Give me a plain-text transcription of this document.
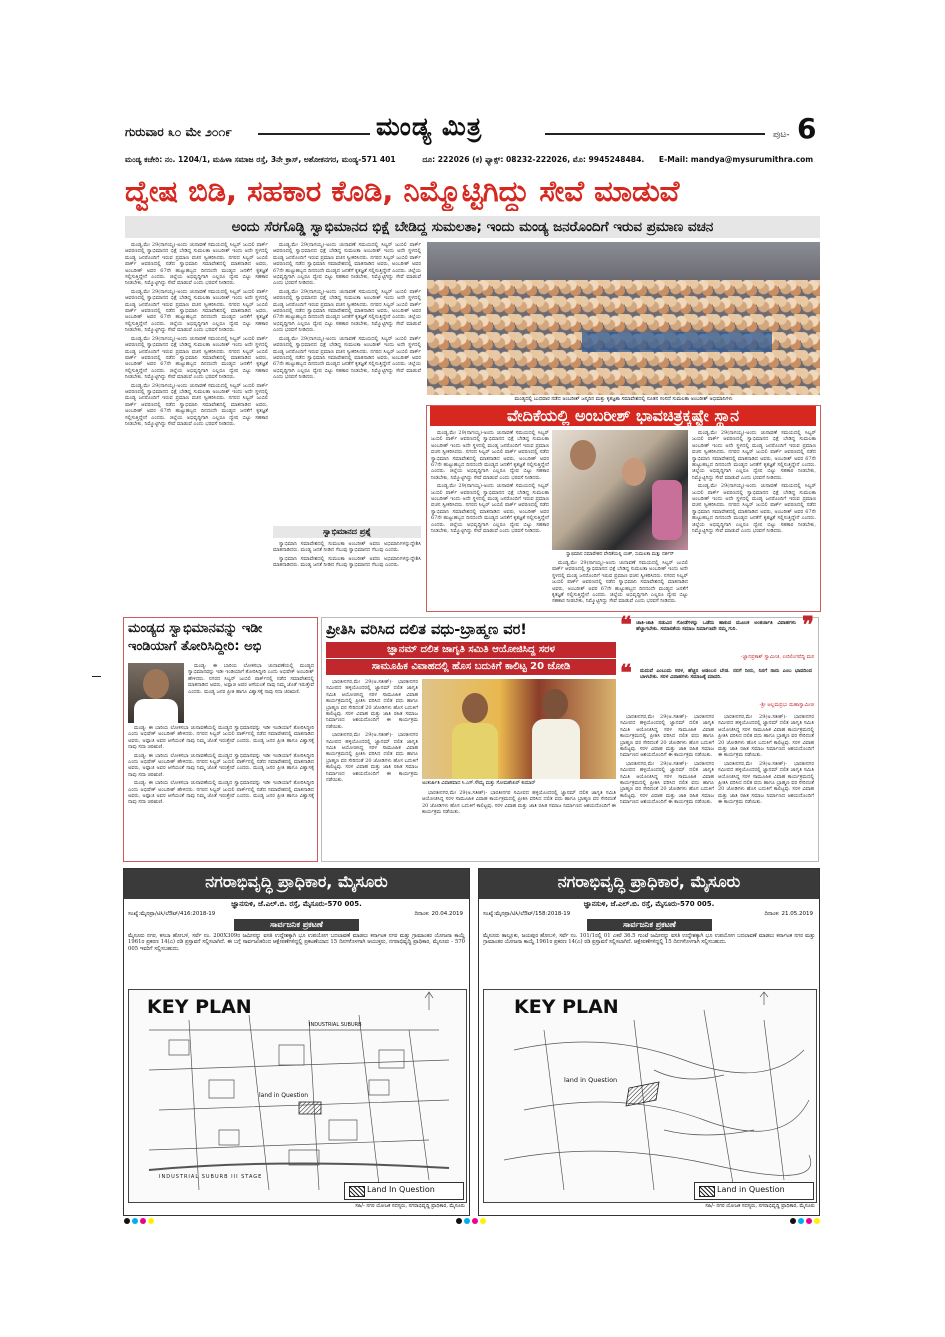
ಗುರುವಾರ ೩೦ ಮೇ ೨೦೧೯	ಮಂಡ್ಯ ಮಿತ್ರ	ಪುಟ- 6
ಮಂಡ್ಯ ಕಚೇರಿ: ನಂ. 1204/1, ಮಹಿಳಾ ಸಮಾಜ ರಸ್ತೆ, 3ನೇ ಕ್ರಾಸ್, ಅಶೋಕನಗರ, ಮಂಡ್ಯ-571 401	ದೂ: 222026 (ಕ) ಫ್ಯಾಕ್ಸ್: 08232-222026, ಮೊ: 9945248484. E-Mail: mandya@mysurumithra.com
ದ್ವೇಷ ಬಿಡಿ, ಸಹಕಾರ ಕೊಡಿ, ನಿಮ್ಮೊಟ್ಟಿಗಿದ್ದು ಸೇವೆ ಮಾಡುವೆ
ಅಂದು ಸೆರಗೊಡ್ಡಿ ಸ್ವಾಭಿಮಾನದ ಭಿಕ್ಷೆ ಬೇಡಿದ್ದ ಸುಮಲತಾ; ಇಂದು ಮಂಡ್ಯ ಜನರೊಂದಿಗೆ ಇರುವ ಪ್ರಮಾಣ ವಚನ

ಮಂಡ್ಯ,ಮೇ 29(ನಾಗಯ್ಯ)-ಅಂದು ಚುನಾವಣೆ ಸಮಯದಲ್ಲಿ ಸಿಲ್ವರ್ ಜುಬಿಲಿ ಪಾರ್ಕ್ ಆವರಣದಲ್ಲಿ ಸ್ವಾಭಿಮಾನದ ಭಿಕ್ಷೆ ಬೇಡಿದ್ದ ಸುಮಲತಾ ಅಂಬರೀಶ್ ಇಂದು ಅದೇ ಸ್ಥಳದಲ್ಲಿ ಮಂಡ್ಯ ಜನರೊಂದಿಗೆ ಇರುವ ಪ್ರಮಾಣ ವಚನ ಸ್ವೀಕರಿಸಿದರು. ನಗರದ ಸಿಲ್ವರ್ ಜುಬಿಲಿ ಪಾರ್ಕ್ ಆವರಣದಲ್ಲಿ ನಡೆದ ಸ್ವಾಭಿಮಾನಿ ಸಮಾವೇಶದಲ್ಲಿ ಮಾತನಾಡಿದ ಅವರು, ಅಂಬರೀಶ್ ಅವರ 67ನೇ ಹುಟ್ಟುಹಬ್ಬದ ದಿನದಂದೇ ಮಂಡ್ಯದ ಜನತೆಗೆ ಕೃತಜ್ಞತೆ ಸಲ್ಲಿಸುತ್ತಿದ್ದೇನೆ ಎಂದರು. ಜಿಲ್ಲೆಯ ಅಭಿವೃದ್ಧಿಗಾಗಿ ಎಲ್ಲರೂ ದ್ವೇಷ ಬಿಟ್ಟು ಸಹಕಾರ ನೀಡಬೇಕು, ನಿಮ್ಮೊಟ್ಟಿಗಿದ್ದು ಸೇವೆ ಮಾಡುವೆ ಎಂದು ಭರವಸೆ ನೀಡಿದರು.

ಮಂಡ್ಯ,ಮೇ 29(ನಾಗಯ್ಯ)-ಅಂದು ಚುನಾವಣೆ ಸಮಯದಲ್ಲಿ ಸಿಲ್ವರ್ ಜುಬಿಲಿ ಪಾರ್ಕ್ ಆವರಣದಲ್ಲಿ ಸ್ವಾಭಿಮಾನದ ಭಿಕ್ಷೆ ಬೇಡಿದ್ದ ಸುಮಲತಾ ಅಂಬರೀಶ್ ಇಂದು ಅದೇ ಸ್ಥಳದಲ್ಲಿ ಮಂಡ್ಯ ಜನರೊಂದಿಗೆ ಇರುವ ಪ್ರಮಾಣ ವಚನ ಸ್ವೀಕರಿಸಿದರು. ನಗರದ ಸಿಲ್ವರ್ ಜುಬಿಲಿ ಪಾರ್ಕ್ ಆವರಣದಲ್ಲಿ ನಡೆದ ಸ್ವಾಭಿಮಾನಿ ಸಮಾವೇಶದಲ್ಲಿ ಮಾತನಾಡಿದ ಅವರು, ಅಂಬರೀಶ್ ಅವರ 67ನೇ ಹುಟ್ಟುಹಬ್ಬದ ದಿನದಂದೇ ಮಂಡ್ಯದ ಜನತೆಗೆ ಕೃತಜ್ಞತೆ ಸಲ್ಲಿಸುತ್ತಿದ್ದೇನೆ ಎಂದರು. ಜಿಲ್ಲೆಯ ಅಭಿವೃದ್ಧಿಗಾಗಿ ಎಲ್ಲರೂ ದ್ವೇಷ ಬಿಟ್ಟು ಸಹಕಾರ ನೀಡಬೇಕು, ನಿಮ್ಮೊಟ್ಟಿಗಿದ್ದು ಸೇವೆ ಮಾಡುವೆ ಎಂದು ಭರವಸೆ ನೀಡಿದರು.

ಮಂಡ್ಯ,ಮೇ 29(ನಾಗಯ್ಯ)-ಅಂದು ಚುನಾವಣೆ ಸಮಯದಲ್ಲಿ ಸಿಲ್ವರ್ ಜುಬಿಲಿ ಪಾರ್ಕ್ ಆವರಣದಲ್ಲಿ ಸ್ವಾಭಿಮಾನದ ಭಿಕ್ಷೆ ಬೇಡಿದ್ದ ಸುಮಲತಾ ಅಂಬರೀಶ್ ಇಂದು ಅದೇ ಸ್ಥಳದಲ್ಲಿ ಮಂಡ್ಯ ಜನರೊಂದಿಗೆ ಇರುವ ಪ್ರಮಾಣ ವಚನ ಸ್ವೀಕರಿಸಿದರು. ನಗರದ ಸಿಲ್ವರ್ ಜುಬಿಲಿ ಪಾರ್ಕ್ ಆವರಣದಲ್ಲಿ ನಡೆದ ಸ್ವಾಭಿಮಾನಿ ಸಮಾವೇಶದಲ್ಲಿ ಮಾತನಾಡಿದ ಅವರು, ಅಂಬರೀಶ್ ಅವರ 67ನೇ ಹುಟ್ಟುಹಬ್ಬದ ದಿನದಂದೇ ಮಂಡ್ಯದ ಜನತೆಗೆ ಕೃತಜ್ಞತೆ ಸಲ್ಲಿಸುತ್ತಿದ್ದೇನೆ ಎಂದರು. ಜಿಲ್ಲೆಯ ಅಭಿವೃದ್ಧಿಗಾಗಿ ಎಲ್ಲರೂ ದ್ವೇಷ ಬಿಟ್ಟು ಸಹಕಾರ ನೀಡಬೇಕು, ನಿಮ್ಮೊಟ್ಟಿಗಿದ್ದು ಸೇವೆ ಮಾಡುವೆ ಎಂದು ಭರವಸೆ ನೀಡಿದರು.

ಮಂಡ್ಯ,ಮೇ 29(ನಾಗಯ್ಯ)-ಅಂದು ಚುನಾವಣೆ ಸಮಯದಲ್ಲಿ ಸಿಲ್ವರ್ ಜುಬಿಲಿ ಪಾರ್ಕ್ ಆವರಣದಲ್ಲಿ ಸ್ವಾಭಿಮಾನದ ಭಿಕ್ಷೆ ಬೇಡಿದ್ದ ಸುಮಲತಾ ಅಂಬರೀಶ್ ಇಂದು ಅದೇ ಸ್ಥಳದಲ್ಲಿ ಮಂಡ್ಯ ಜನರೊಂದಿಗೆ ಇರುವ ಪ್ರಮಾಣ ವಚನ ಸ್ವೀಕರಿಸಿದರು. ನಗರದ ಸಿಲ್ವರ್ ಜುಬಿಲಿ ಪಾರ್ಕ್ ಆವರಣದಲ್ಲಿ ನಡೆದ ಸ್ವಾಭಿಮಾನಿ ಸಮಾವೇಶದಲ್ಲಿ ಮಾತನಾಡಿದ ಅವರು, ಅಂಬರೀಶ್ ಅವರ 67ನೇ ಹುಟ್ಟುಹಬ್ಬದ ದಿನದಂದೇ ಮಂಡ್ಯದ ಜನತೆಗೆ ಕೃತಜ್ಞತೆ ಸಲ್ಲಿಸುತ್ತಿದ್ದೇನೆ ಎಂದರು. ಜಿಲ್ಲೆಯ ಅಭಿವೃದ್ಧಿಗಾಗಿ ಎಲ್ಲರೂ ದ್ವೇಷ ಬಿಟ್ಟು ಸಹಕಾರ ನೀಡಬೇಕು, ನಿಮ್ಮೊಟ್ಟಿಗಿದ್ದು ಸೇವೆ ಮಾಡುವೆ ಎಂದು ಭರವಸೆ ನೀಡಿದರು.

ಮಂಡ್ಯ,ಮೇ 29(ನಾಗಯ್ಯ)-ಅಂದು ಚುನಾವಣೆ ಸಮಯದಲ್ಲಿ ಸಿಲ್ವರ್ ಜುಬಿಲಿ ಪಾರ್ಕ್ ಆವರಣದಲ್ಲಿ ಸ್ವಾಭಿಮಾನದ ಭಿಕ್ಷೆ ಬೇಡಿದ್ದ ಸುಮಲತಾ ಅಂಬರೀಶ್ ಇಂದು ಅದೇ ಸ್ಥಳದಲ್ಲಿ ಮಂಡ್ಯ ಜನರೊಂದಿಗೆ ಇರುವ ಪ್ರಮಾಣ ವಚನ ಸ್ವೀಕರಿಸಿದರು. ನಗರದ ಸಿಲ್ವರ್ ಜುಬಿಲಿ ಪಾರ್ಕ್ ಆವರಣದಲ್ಲಿ ನಡೆದ ಸ್ವಾಭಿಮಾನಿ ಸಮಾವೇಶದಲ್ಲಿ ಮಾತನಾಡಿದ ಅವರು, ಅಂಬರೀಶ್ ಅವರ 67ನೇ ಹುಟ್ಟುಹಬ್ಬದ ದಿನದಂದೇ ಮಂಡ್ಯದ ಜನತೆಗೆ ಕೃತಜ್ಞತೆ ಸಲ್ಲಿಸುತ್ತಿದ್ದೇನೆ ಎಂದರು. ಜಿಲ್ಲೆಯ ಅಭಿವೃದ್ಧಿಗಾಗಿ ಎಲ್ಲರೂ ದ್ವೇಷ ಬಿಟ್ಟು ಸಹಕಾರ ನೀಡಬೇಕು, ನಿಮ್ಮೊಟ್ಟಿಗಿದ್ದು ಸೇವೆ ಮಾಡುವೆ ಎಂದು ಭರವಸೆ ನೀಡಿದರು.

ಮಂಡ್ಯ,ಮೇ 29(ನಾಗಯ್ಯ)-ಅಂದು ಚುನಾವಣೆ ಸಮಯದಲ್ಲಿ ಸಿಲ್ವರ್ ಜುಬಿಲಿ ಪಾರ್ಕ್ ಆವರಣದಲ್ಲಿ ಸ್ವಾಭಿಮಾನದ ಭಿಕ್ಷೆ ಬೇಡಿದ್ದ ಸುಮಲತಾ ಅಂಬರೀಶ್ ಇಂದು ಅದೇ ಸ್ಥಳದಲ್ಲಿ ಮಂಡ್ಯ ಜನರೊಂದಿಗೆ ಇರುವ ಪ್ರಮಾಣ ವಚನ ಸ್ವೀಕರಿಸಿದರು. ನಗರದ ಸಿಲ್ವರ್ ಜುಬಿಲಿ ಪಾರ್ಕ್ ಆವರಣದಲ್ಲಿ ನಡೆದ ಸ್ವಾಭಿಮಾನಿ ಸಮಾವೇಶದಲ್ಲಿ ಮಾತನಾಡಿದ ಅವರು, ಅಂಬರೀಶ್ ಅವರ 67ನೇ ಹುಟ್ಟುಹಬ್ಬದ ದಿನದಂದೇ ಮಂಡ್ಯದ ಜನತೆಗೆ ಕೃತಜ್ಞತೆ ಸಲ್ಲಿಸುತ್ತಿದ್ದೇನೆ ಎಂದರು. ಜಿಲ್ಲೆಯ ಅಭಿವೃದ್ಧಿಗಾಗಿ ಎಲ್ಲರೂ ದ್ವೇಷ ಬಿಟ್ಟು ಸಹಕಾರ ನೀಡಬೇಕು, ನಿಮ್ಮೊಟ್ಟಿಗಿದ್ದು ಸೇವೆ ಮಾಡುವೆ ಎಂದು ಭರವಸೆ ನೀಡಿದರು.

ಮಂಡ್ಯ,ಮೇ 29(ನಾಗಯ್ಯ)-ಅಂದು ಚುನಾವಣೆ ಸಮಯದಲ್ಲಿ ಸಿಲ್ವರ್ ಜುಬಿಲಿ ಪಾರ್ಕ್ ಆವರಣದಲ್ಲಿ ಸ್ವಾಭಿಮಾನದ ಭಿಕ್ಷೆ ಬೇಡಿದ್ದ ಸುಮಲತಾ ಅಂಬರೀಶ್ ಇಂದು ಅದೇ ಸ್ಥಳದಲ್ಲಿ ಮಂಡ್ಯ ಜನರೊಂದಿಗೆ ಇರುವ ಪ್ರಮಾಣ ವಚನ ಸ್ವೀಕರಿಸಿದರು. ನಗರದ ಸಿಲ್ವರ್ ಜುಬಿಲಿ ಪಾರ್ಕ್ ಆವರಣದಲ್ಲಿ ನಡೆದ ಸ್ವಾಭಿಮಾನಿ ಸಮಾವೇಶದಲ್ಲಿ ಮಾತನಾಡಿದ ಅವರು, ಅಂಬರೀಶ್ ಅವರ 67ನೇ ಹುಟ್ಟುಹಬ್ಬದ ದಿನದಂದೇ ಮಂಡ್ಯದ ಜನತೆಗೆ ಕೃತಜ್ಞತೆ ಸಲ್ಲಿಸುತ್ತಿದ್ದೇನೆ ಎಂದರು. ಜಿಲ್ಲೆಯ ಅಭಿವೃದ್ಧಿಗಾಗಿ ಎಲ್ಲರೂ ದ್ವೇಷ ಬಿಟ್ಟು ಸಹಕಾರ ನೀಡಬೇಕು, ನಿಮ್ಮೊಟ್ಟಿಗಿದ್ದು ಸೇವೆ ಮಾಡುವೆ ಎಂದು ಭರವಸೆ ನೀಡಿದರು.

ಮಂಡ್ಯದಲ್ಲಿ ಬುಧವಾರ ನಡೆದ ಅಂಬರೀಶ್ ಜನ್ಮದಿನ ಮತ್ತು ಕೃತಜ್ಞತಾ ಸಮಾವೇಶದಲ್ಲಿ ನೂತನ ಸಂಸದೆ ಸುಮಲತಾ ಅಂಬರೀಶ್ ಅಭಿಮಾನಿಗಳು
ಸ್ವಾಭಿಮಾನದ ಪ್ರಶ್ನೆ

ಸ್ವಾಭಿಮಾನಿ ಸಮಾವೇಶದಲ್ಲಿ ಸುಮಲತಾ ಅಂಬರೀಶ್ ಅವರು ಅಭಿಮಾನಿಗಳನ್ನುದ್ದೇಶಿಸಿ ಮಾತನಾಡಿದರು. ಮಂಡ್ಯ ಜನತೆ ನೀಡಿದ ಗೆಲುವು ಸ್ವಾಭಿಮಾನದ ಗೆಲುವು ಎಂದರು.

ಸ್ವಾಭಿಮಾನಿ ಸಮಾವೇಶದಲ್ಲಿ ಸುಮಲತಾ ಅಂಬರೀಶ್ ಅವರು ಅಭಿಮಾನಿಗಳನ್ನುದ್ದೇಶಿಸಿ ಮಾತನಾಡಿದರು. ಮಂಡ್ಯ ಜನತೆ ನೀಡಿದ ಗೆಲುವು ಸ್ವಾಭಿಮಾನದ ಗೆಲುವು ಎಂದರು.

ವೇದಿಕೆಯಲ್ಲಿ ಅಂಬರೀಶ್ ಭಾವಚಿತ್ರಕ್ಕಷ್ಟೇ ಸ್ಥಾನ

ಮಂಡ್ಯ,ಮೇ 29(ನಾಗಯ್ಯ)-ಅಂದು ಚುನಾವಣೆ ಸಮಯದಲ್ಲಿ ಸಿಲ್ವರ್ ಜುಬಿಲಿ ಪಾರ್ಕ್ ಆವರಣದಲ್ಲಿ ಸ್ವಾಭಿಮಾನದ ಭಿಕ್ಷೆ ಬೇಡಿದ್ದ ಸುಮಲತಾ ಅಂಬರೀಶ್ ಇಂದು ಅದೇ ಸ್ಥಳದಲ್ಲಿ ಮಂಡ್ಯ ಜನರೊಂದಿಗೆ ಇರುವ ಪ್ರಮಾಣ ವಚನ ಸ್ವೀಕರಿಸಿದರು. ನಗರದ ಸಿಲ್ವರ್ ಜುಬಿಲಿ ಪಾರ್ಕ್ ಆವರಣದಲ್ಲಿ ನಡೆದ ಸ್ವಾಭಿಮಾನಿ ಸಮಾವೇಶದಲ್ಲಿ ಮಾತನಾಡಿದ ಅವರು, ಅಂಬರೀಶ್ ಅವರ 67ನೇ ಹುಟ್ಟುಹಬ್ಬದ ದಿನದಂದೇ ಮಂಡ್ಯದ ಜನತೆಗೆ ಕೃತಜ್ಞತೆ ಸಲ್ಲಿಸುತ್ತಿದ್ದೇನೆ ಎಂದರು. ಜಿಲ್ಲೆಯ ಅಭಿವೃದ್ಧಿಗಾಗಿ ಎಲ್ಲರೂ ದ್ವೇಷ ಬಿಟ್ಟು ಸಹಕಾರ ನೀಡಬೇಕು, ನಿಮ್ಮೊಟ್ಟಿಗಿದ್ದು ಸೇವೆ ಮಾಡುವೆ ಎಂದು ಭರವಸೆ ನೀಡಿದರು.

ಮಂಡ್ಯ,ಮೇ 29(ನಾಗಯ್ಯ)-ಅಂದು ಚುನಾವಣೆ ಸಮಯದಲ್ಲಿ ಸಿಲ್ವರ್ ಜುಬಿಲಿ ಪಾರ್ಕ್ ಆವರಣದಲ್ಲಿ ಸ್ವಾಭಿಮಾನದ ಭಿಕ್ಷೆ ಬೇಡಿದ್ದ ಸುಮಲತಾ ಅಂಬರೀಶ್ ಇಂದು ಅದೇ ಸ್ಥಳದಲ್ಲಿ ಮಂಡ್ಯ ಜನರೊಂದಿಗೆ ಇರುವ ಪ್ರಮಾಣ ವಚನ ಸ್ವೀಕರಿಸಿದರು. ನಗರದ ಸಿಲ್ವರ್ ಜುಬಿಲಿ ಪಾರ್ಕ್ ಆವರಣದಲ್ಲಿ ನಡೆದ ಸ್ವಾಭಿಮಾನಿ ಸಮಾವೇಶದಲ್ಲಿ ಮಾತನಾಡಿದ ಅವರು, ಅಂಬರೀಶ್ ಅವರ 67ನೇ ಹುಟ್ಟುಹಬ್ಬದ ದಿನದಂದೇ ಮಂಡ್ಯದ ಜನತೆಗೆ ಕೃತಜ್ಞತೆ ಸಲ್ಲಿಸುತ್ತಿದ್ದೇನೆ ಎಂದರು. ಜಿಲ್ಲೆಯ ಅಭಿವೃದ್ಧಿಗಾಗಿ ಎಲ್ಲರೂ ದ್ವೇಷ ಬಿಟ್ಟು ಸಹಕಾರ ನೀಡಬೇಕು, ನಿಮ್ಮೊಟ್ಟಿಗಿದ್ದು ಸೇವೆ ಮಾಡುವೆ ಎಂದು ಭರವಸೆ ನೀಡಿದರು.

ಮಂಡ್ಯ,ಮೇ 29(ನಾಗಯ್ಯ)-ಅಂದು ಚುನಾವಣೆ ಸಮಯದಲ್ಲಿ ಸಿಲ್ವರ್ ಜುಬಿಲಿ ಪಾರ್ಕ್ ಆವರಣದಲ್ಲಿ ಸ್ವಾಭಿಮಾನದ ಭಿಕ್ಷೆ ಬೇಡಿದ್ದ ಸುಮಲತಾ ಅಂಬರೀಶ್ ಇಂದು ಅದೇ ಸ್ಥಳದಲ್ಲಿ ಮಂಡ್ಯ ಜನರೊಂದಿಗೆ ಇರುವ ಪ್ರಮಾಣ ವಚನ ಸ್ವೀಕರಿಸಿದರು. ನಗರದ ಸಿಲ್ವರ್ ಜುಬಿಲಿ ಪಾರ್ಕ್ ಆವರಣದಲ್ಲಿ ನಡೆದ ಸ್ವಾಭಿಮಾನಿ ಸಮಾವೇಶದಲ್ಲಿ ಮಾತನಾಡಿದ ಅವರು, ಅಂಬರೀಶ್ ಅವರ 67ನೇ ಹುಟ್ಟುಹಬ್ಬದ ದಿನದಂದೇ ಮಂಡ್ಯದ ಜನತೆಗೆ ಕೃತಜ್ಞತೆ ಸಲ್ಲಿಸುತ್ತಿದ್ದೇನೆ ಎಂದರು. ಜಿಲ್ಲೆಯ ಅಭಿವೃದ್ಧಿಗಾಗಿ ಎಲ್ಲರೂ ದ್ವೇಷ ಬಿಟ್ಟು ಸಹಕಾರ ನೀಡಬೇಕು, ನಿಮ್ಮೊಟ್ಟಿಗಿದ್ದು ಸೇವೆ ಮಾಡುವೆ ಎಂದು ಭರವಸೆ ನೀಡಿದರು.

ಮಂಡ್ಯ,ಮೇ 29(ನಾಗಯ್ಯ)-ಅಂದು ಚುನಾವಣೆ ಸಮಯದಲ್ಲಿ ಸಿಲ್ವರ್ ಜುಬಿಲಿ ಪಾರ್ಕ್ ಆವರಣದಲ್ಲಿ ಸ್ವಾಭಿಮಾನದ ಭಿಕ್ಷೆ ಬೇಡಿದ್ದ ಸುಮಲತಾ ಅಂಬರೀಶ್ ಇಂದು ಅದೇ ಸ್ಥಳದಲ್ಲಿ ಮಂಡ್ಯ ಜನರೊಂದಿಗೆ ಇರುವ ಪ್ರಮಾಣ ವಚನ ಸ್ವೀಕರಿಸಿದರು. ನಗರದ ಸಿಲ್ವರ್ ಜುಬಿಲಿ ಪಾರ್ಕ್ ಆವರಣದಲ್ಲಿ ನಡೆದ ಸ್ವಾಭಿಮಾನಿ ಸಮಾವೇಶದಲ್ಲಿ ಮಾತನಾಡಿದ ಅವರು, ಅಂಬರೀಶ್ ಅವರ 67ನೇ ಹುಟ್ಟುಹಬ್ಬದ ದಿನದಂದೇ ಮಂಡ್ಯದ ಜನತೆಗೆ ಕೃತಜ್ಞತೆ ಸಲ್ಲಿಸುತ್ತಿದ್ದೇನೆ ಎಂದರು. ಜಿಲ್ಲೆಯ ಅಭಿವೃದ್ಧಿಗಾಗಿ ಎಲ್ಲರೂ ದ್ವೇಷ ಬಿಟ್ಟು ಸಹಕಾರ ನೀಡಬೇಕು, ನಿಮ್ಮೊಟ್ಟಿಗಿದ್ದು ಸೇವೆ ಮಾಡುವೆ ಎಂದು ಭರವಸೆ ನೀಡಿದರು.

ಸ್ವಾಭಿಮಾನ ಸಮಾವೇಶದ ವೇದಿಕೆಯಲ್ಲಿ ಯಶ್, ಸುಮಲತಾ ಮತ್ತು ದರ್ಶನ್

ಮಂಡ್ಯ,ಮೇ 29(ನಾಗಯ್ಯ)-ಅಂದು ಚುನಾವಣೆ ಸಮಯದಲ್ಲಿ ಸಿಲ್ವರ್ ಜುಬಿಲಿ ಪಾರ್ಕ್ ಆವರಣದಲ್ಲಿ ಸ್ವಾಭಿಮಾನದ ಭಿಕ್ಷೆ ಬೇಡಿದ್ದ ಸುಮಲತಾ ಅಂಬರೀಶ್ ಇಂದು ಅದೇ ಸ್ಥಳದಲ್ಲಿ ಮಂಡ್ಯ ಜನರೊಂದಿಗೆ ಇರುವ ಪ್ರಮಾಣ ವಚನ ಸ್ವೀಕರಿಸಿದರು. ನಗರದ ಸಿಲ್ವರ್ ಜುಬಿಲಿ ಪಾರ್ಕ್ ಆವರಣದಲ್ಲಿ ನಡೆದ ಸ್ವಾಭಿಮಾನಿ ಸಮಾವೇಶದಲ್ಲಿ ಮಾತನಾಡಿದ ಅವರು, ಅಂಬರೀಶ್ ಅವರ 67ನೇ ಹುಟ್ಟುಹಬ್ಬದ ದಿನದಂದೇ ಮಂಡ್ಯದ ಜನತೆಗೆ ಕೃತಜ್ಞತೆ ಸಲ್ಲಿಸುತ್ತಿದ್ದೇನೆ ಎಂದರು. ಜಿಲ್ಲೆಯ ಅಭಿವೃದ್ಧಿಗಾಗಿ ಎಲ್ಲರೂ ದ್ವೇಷ ಬಿಟ್ಟು ಸಹಕಾರ ನೀಡಬೇಕು, ನಿಮ್ಮೊಟ್ಟಿಗಿದ್ದು ಸೇವೆ ಮಾಡುವೆ ಎಂದು ಭರವಸೆ ನೀಡಿದರು.

ಮಂಡ್ಯದ ಸ್ವಾಭಿಮಾನವನ್ನು ಇಡೀ
ಇಂಡಿಯಾಗೆ ತೋರಿಸಿದ್ದೀರಿ: ಅಭಿ

ಮಂಡ್ಯ: ಈ ಬಾರಿಯ ಲೋಕಸಭಾ ಚುನಾವಣೆಯಲ್ಲಿ ಮಂಡ್ಯದ ಸ್ವಾಭಿಮಾನವನ್ನು ಇಡೀ ಇಂಡಿಯಾಗೆ ತೋರಿಸಿದ್ದೀರಿ ಎಂದು ಅಭಿಷೇಕ್ ಅಂಬರೀಶ್ ಹೇಳಿದರು. ನಗರದ ಸಿಲ್ವರ್ ಜುಬಿಲಿ ಪಾರ್ಕ್‌ನಲ್ಲಿ ನಡೆದ ಸಮಾವೇಶದಲ್ಲಿ ಮಾತನಾಡಿದ ಅವರು, ಅಪ್ಪಾಜಿ ಅವರ ಆಸೆಯಂತೆ ನಾವು ನಿಮ್ಮ ಜೊತೆ ಇರುತ್ತೇವೆ ಎಂದರು. ಮಂಡ್ಯ ಜನರ ಪ್ರೀತಿ ಹಾಗೂ ವಿಶ್ವಾಸಕ್ಕೆ ನಾವು ಸದಾ ಚಿರಋಣಿ.

ಮಂಡ್ಯ: ಈ ಬಾರಿಯ ಲೋಕಸಭಾ ಚುನಾವಣೆಯಲ್ಲಿ ಮಂಡ್ಯದ ಸ್ವಾಭಿಮಾನವನ್ನು ಇಡೀ ಇಂಡಿಯಾಗೆ ತೋರಿಸಿದ್ದೀರಿ ಎಂದು ಅಭಿಷೇಕ್ ಅಂಬರೀಶ್ ಹೇಳಿದರು. ನಗರದ ಸಿಲ್ವರ್ ಜುಬಿಲಿ ಪಾರ್ಕ್‌ನಲ್ಲಿ ನಡೆದ ಸಮಾವೇಶದಲ್ಲಿ ಮಾತನಾಡಿದ ಅವರು, ಅಪ್ಪಾಜಿ ಅವರ ಆಸೆಯಂತೆ ನಾವು ನಿಮ್ಮ ಜೊತೆ ಇರುತ್ತೇವೆ ಎಂದರು. ಮಂಡ್ಯ ಜನರ ಪ್ರೀತಿ ಹಾಗೂ ವಿಶ್ವಾಸಕ್ಕೆ ನಾವು ಸದಾ ಚಿರಋಣಿ.

ಮಂಡ್ಯ: ಈ ಬಾರಿಯ ಲೋಕಸಭಾ ಚುನಾವಣೆಯಲ್ಲಿ ಮಂಡ್ಯದ ಸ್ವಾಭಿಮಾನವನ್ನು ಇಡೀ ಇಂಡಿಯಾಗೆ ತೋರಿಸಿದ್ದೀರಿ ಎಂದು ಅಭಿಷೇಕ್ ಅಂಬರೀಶ್ ಹೇಳಿದರು. ನಗರದ ಸಿಲ್ವರ್ ಜುಬಿಲಿ ಪಾರ್ಕ್‌ನಲ್ಲಿ ನಡೆದ ಸಮಾವೇಶದಲ್ಲಿ ಮಾತನಾಡಿದ ಅವರು, ಅಪ್ಪಾಜಿ ಅವರ ಆಸೆಯಂತೆ ನಾವು ನಿಮ್ಮ ಜೊತೆ ಇರುತ್ತೇವೆ ಎಂದರು. ಮಂಡ್ಯ ಜನರ ಪ್ರೀತಿ ಹಾಗೂ ವಿಶ್ವಾಸಕ್ಕೆ ನಾವು ಸದಾ ಚಿರಋಣಿ.

ಮಂಡ್ಯ: ಈ ಬಾರಿಯ ಲೋಕಸಭಾ ಚುನಾವಣೆಯಲ್ಲಿ ಮಂಡ್ಯದ ಸ್ವಾಭಿಮಾನವನ್ನು ಇಡೀ ಇಂಡಿಯಾಗೆ ತೋರಿಸಿದ್ದೀರಿ ಎಂದು ಅಭಿಷೇಕ್ ಅಂಬರೀಶ್ ಹೇಳಿದರು. ನಗರದ ಸಿಲ್ವರ್ ಜುಬಿಲಿ ಪಾರ್ಕ್‌ನಲ್ಲಿ ನಡೆದ ಸಮಾವೇಶದಲ್ಲಿ ಮಾತನಾಡಿದ ಅವರು, ಅಪ್ಪಾಜಿ ಅವರ ಆಸೆಯಂತೆ ನಾವು ನಿಮ್ಮ ಜೊತೆ ಇರುತ್ತೇವೆ ಎಂದರು. ಮಂಡ್ಯ ಜನರ ಪ್ರೀತಿ ಹಾಗೂ ವಿಶ್ವಾಸಕ್ಕೆ ನಾವು ಸದಾ ಚಿರಋಣಿ.

ಪ್ರೀತಿಸಿ ವರಿಸಿದ ದಲಿತ ವಧು-ಬ್ರಾಹ್ಮಣ ವರ!
ಜ್ಞಾನಮ್ ದಲಿತ ಜಾಗೃತಿ ಸಮಿತಿ ಆಯೋಜಿಸಿದ್ದ ಸರಳ
ಸಾಮೂಹಿಕ ವಿವಾಹದಲ್ಲಿ ಹೊಸ ಬದುಕಿಗೆ ಕಾಲಿಟ್ಟ 20 ಜೋಡಿ

ಭಾರತೀನಗರ,ಮೇ 29(ಅ.ಸತೀಶ್)- ಭಾರತೀನಗರ ಸಮೀಪದ ಹಳ್ಳಿಯೊಂದರಲ್ಲಿ ಜ್ಞಾನಮ್ ದಲಿತ ಜಾಗೃತಿ ಸಮಿತಿ ಆಯೋಜಿಸಿದ್ದ ಸರಳ ಸಾಮೂಹಿಕ ವಿವಾಹ ಕಾರ್ಯಕ್ರಮದಲ್ಲಿ ಪ್ರೀತಿಸಿ ವರಿಸಿದ ದಲಿತ ವಧು ಹಾಗೂ ಬ್ರಾಹ್ಮಣ ವರ ಸೇರಿದಂತೆ 20 ಜೋಡಿಗಳು ಹೊಸ ಬದುಕಿಗೆ ಕಾಲಿಟ್ಟವು. ಸರಳ ವಿವಾಹ ಮತ್ತು ಜಾತಿ ರಹಿತ ಸಮಾಜ ನಿರ್ಮಾಣದ ಆಶಯದೊಂದಿಗೆ ಈ ಕಾರ್ಯಕ್ರಮ ನಡೆಯಿತು.

ಭಾರತೀನಗರ,ಮೇ 29(ಅ.ಸತೀಶ್)- ಭಾರತೀನಗರ ಸಮೀಪದ ಹಳ್ಳಿಯೊಂದರಲ್ಲಿ ಜ್ಞಾನಮ್ ದಲಿತ ಜಾಗೃತಿ ಸಮಿತಿ ಆಯೋಜಿಸಿದ್ದ ಸರಳ ಸಾಮೂಹಿಕ ವಿವಾಹ ಕಾರ್ಯಕ್ರಮದಲ್ಲಿ ಪ್ರೀತಿಸಿ ವರಿಸಿದ ದಲಿತ ವಧು ಹಾಗೂ ಬ್ರಾಹ್ಮಣ ವರ ಸೇರಿದಂತೆ 20 ಜೋಡಿಗಳು ಹೊಸ ಬದುಕಿಗೆ ಕಾಲಿಟ್ಟವು. ಸರಳ ವಿವಾಹ ಮತ್ತು ಜಾತಿ ರಹಿತ ಸಮಾಜ ನಿರ್ಮಾಣದ ಆಶಯದೊಂದಿಗೆ ಈ ಕಾರ್ಯಕ್ರಮ ನಡೆಯಿತು.

ಅಂತರ್ಜಾತಿ ವಿವಾಹವಾದ ಸಿ.ಎಸ್.ಸೌಮ್ಯ ಮತ್ತು ಸೋಮಶೇಖರ್ ಕುಮಾರ್

ಭಾರತೀನಗರ,ಮೇ 29(ಅ.ಸತೀಶ್)- ಭಾರತೀನಗರ ಸಮೀಪದ ಹಳ್ಳಿಯೊಂದರಲ್ಲಿ ಜ್ಞಾನಮ್ ದಲಿತ ಜಾಗೃತಿ ಸಮಿತಿ ಆಯೋಜಿಸಿದ್ದ ಸರಳ ಸಾಮೂಹಿಕ ವಿವಾಹ ಕಾರ್ಯಕ್ರಮದಲ್ಲಿ ಪ್ರೀತಿಸಿ ವರಿಸಿದ ದಲಿತ ವಧು ಹಾಗೂ ಬ್ರಾಹ್ಮಣ ವರ ಸೇರಿದಂತೆ 20 ಜೋಡಿಗಳು ಹೊಸ ಬದುಕಿಗೆ ಕಾಲಿಟ್ಟವು. ಸರಳ ವಿವಾಹ ಮತ್ತು ಜಾತಿ ರಹಿತ ಸಮಾಜ ನಿರ್ಮಾಣದ ಆಶಯದೊಂದಿಗೆ ಈ ಕಾರ್ಯಕ್ರಮ ನಡೆಯಿತು.

❝	❞
ಜಾತಿ-ಜಾತಿ ನಡುವಿನ ಗೋಡೆಗಳನ್ನು ಒಡೆದು ಹಾಕುವ ಮೂಲಕ ಅಂತರ್ಜಾತಿ ವಿವಾಹಗಳು ಹೆಚ್ಚಾಗಬೇಕು. ಸಮಾನತೆಯ ಸಮಾಜ ನಿರ್ಮಾಣವೇ ನಮ್ಮ ಗುರಿ.
-ಜ್ಞಾನಪ್ರಕಾಶ್ ಸ್ವಾಮೀಜಿ, ಉರಿಲಿಂಗಪೆದ್ದಿ ಮಠ
❝ ಮದುವೆ ಎಂಬುದು ಸರಳ, ಹೆಚ್ಚಿನ ಆಡಂಬರ ಬೇಡ. ನನಗೆ ನೀನು, ನಿನಗೆ ನಾನು ಎಂಬ ಭಾವದಿಂದ ಬಾಳಬೇಕು. ಸರಳ ವಿವಾಹಗಳು ಸಮಾಜಕ್ಕೆ ಮಾದರಿ.
-ಶ್ರೀ ಅಲ್ಲಮಪ್ರಭು ಮಹಾಸ್ವಾಮೀಜಿ

ಭಾರತೀನಗರ,ಮೇ 29(ಅ.ಸತೀಶ್)- ಭಾರತೀನಗರ ಸಮೀಪದ ಹಳ್ಳಿಯೊಂದರಲ್ಲಿ ಜ್ಞಾನಮ್ ದಲಿತ ಜಾಗೃತಿ ಸಮಿತಿ ಆಯೋಜಿಸಿದ್ದ ಸರಳ ಸಾಮೂಹಿಕ ವಿವಾಹ ಕಾರ್ಯಕ್ರಮದಲ್ಲಿ ಪ್ರೀತಿಸಿ ವರಿಸಿದ ದಲಿತ ವಧು ಹಾಗೂ ಬ್ರಾಹ್ಮಣ ವರ ಸೇರಿದಂತೆ 20 ಜೋಡಿಗಳು ಹೊಸ ಬದುಕಿಗೆ ಕಾಲಿಟ್ಟವು. ಸರಳ ವಿವಾಹ ಮತ್ತು ಜಾತಿ ರಹಿತ ಸಮಾಜ ನಿರ್ಮಾಣದ ಆಶಯದೊಂದಿಗೆ ಈ ಕಾರ್ಯಕ್ರಮ ನಡೆಯಿತು.

ಭಾರತೀನಗರ,ಮೇ 29(ಅ.ಸತೀಶ್)- ಭಾರತೀನಗರ ಸಮೀಪದ ಹಳ್ಳಿಯೊಂದರಲ್ಲಿ ಜ್ಞಾನಮ್ ದಲಿತ ಜಾಗೃತಿ ಸಮಿತಿ ಆಯೋಜಿಸಿದ್ದ ಸರಳ ಸಾಮೂಹಿಕ ವಿವಾಹ ಕಾರ್ಯಕ್ರಮದಲ್ಲಿ ಪ್ರೀತಿಸಿ ವರಿಸಿದ ದಲಿತ ವಧು ಹಾಗೂ ಬ್ರಾಹ್ಮಣ ವರ ಸೇರಿದಂತೆ 20 ಜೋಡಿಗಳು ಹೊಸ ಬದುಕಿಗೆ ಕಾಲಿಟ್ಟವು. ಸರಳ ವಿವಾಹ ಮತ್ತು ಜಾತಿ ರಹಿತ ಸಮಾಜ ನಿರ್ಮಾಣದ ಆಶಯದೊಂದಿಗೆ ಈ ಕಾರ್ಯಕ್ರಮ ನಡೆಯಿತು.

ಭಾರತೀನಗರ,ಮೇ 29(ಅ.ಸತೀಶ್)- ಭಾರತೀನಗರ ಸಮೀಪದ ಹಳ್ಳಿಯೊಂದರಲ್ಲಿ ಜ್ಞಾನಮ್ ದಲಿತ ಜಾಗೃತಿ ಸಮಿತಿ ಆಯೋಜಿಸಿದ್ದ ಸರಳ ಸಾಮೂಹಿಕ ವಿವಾಹ ಕಾರ್ಯಕ್ರಮದಲ್ಲಿ ಪ್ರೀತಿಸಿ ವರಿಸಿದ ದಲಿತ ವಧು ಹಾಗೂ ಬ್ರಾಹ್ಮಣ ವರ ಸೇರಿದಂತೆ 20 ಜೋಡಿಗಳು ಹೊಸ ಬದುಕಿಗೆ ಕಾಲಿಟ್ಟವು. ಸರಳ ವಿವಾಹ ಮತ್ತು ಜಾತಿ ರಹಿತ ಸಮಾಜ ನಿರ್ಮಾಣದ ಆಶಯದೊಂದಿಗೆ ಈ ಕಾರ್ಯಕ್ರಮ ನಡೆಯಿತು.

ಭಾರತೀನಗರ,ಮೇ 29(ಅ.ಸತೀಶ್)- ಭಾರತೀನಗರ ಸಮೀಪದ ಹಳ್ಳಿಯೊಂದರಲ್ಲಿ ಜ್ಞಾನಮ್ ದಲಿತ ಜಾಗೃತಿ ಸಮಿತಿ ಆಯೋಜಿಸಿದ್ದ ಸರಳ ಸಾಮೂಹಿಕ ವಿವಾಹ ಕಾರ್ಯಕ್ರಮದಲ್ಲಿ ಪ್ರೀತಿಸಿ ವರಿಸಿದ ದಲಿತ ವಧು ಹಾಗೂ ಬ್ರಾಹ್ಮಣ ವರ ಸೇರಿದಂತೆ 20 ಜೋಡಿಗಳು ಹೊಸ ಬದುಕಿಗೆ ಕಾಲಿಟ್ಟವು. ಸರಳ ವಿವಾಹ ಮತ್ತು ಜಾತಿ ರಹಿತ ಸಮಾಜ ನಿರ್ಮಾಣದ ಆಶಯದೊಂದಿಗೆ ಈ ಕಾರ್ಯಕ್ರಮ ನಡೆಯಿತು.

ನಗರಾಭಿವೃದ್ಧಿ ಪ್ರಾಧಿಕಾರ, ಮೈಸೂರು
ಜ್ಞಾನಸುಳಿ, ಜೆ.ಎಲ್.ಬಿ. ರಸ್ತೆ, ಮೈಸೂರು-570 005.
ಸಂಖ್ಯೆ:ಮೈನಪ್ರಾ/ಟಿಸಿ/ಲೆಔಟ್/416:2018-19	ದಿನಾಂಕ: 20.04.2019
ಸಾರ್ವಜನಿಕ ಪ್ರಕಟಣೆ
ಮೈಸೂರು ನಗರ, ಕಸಬಾ ಹೋಬಳಿ, ಸರ್ವೆ ನಂ. 200X309ರ ಜಮೀನನ್ನು ವಸತಿ ಉದ್ದೇಶಕ್ಕಾಗಿ ಭೂ ಉಪಯೋಗ ಬದಲಾವಣೆ ಮಾಡಲು ಕರ್ನಾಟಕ ನಗರ ಮತ್ತು ಗ್ರಾಮಾಂತರ ಯೋಜನಾ ಕಾಯ್ದೆ 1961ರ ಪ್ರಕರಣ 14(ಎ) ರಡಿ ಪ್ರಸ್ತಾವನೆ ಸಲ್ಲಿಸಲಾಗಿದೆ. ಈ ಬಗ್ಗೆ ಸಾರ್ವಜನಿಕರಿಂದ ಆಕ್ಷೇಪಣೆಗಳಿದ್ದಲ್ಲಿ ಪ್ರಕಟಣೆಯಾದ 15 ದಿನಗಳೊಳಗಾಗಿ ಆಯುಕ್ತರು, ನಗರಾಭಿವೃದ್ಧಿ ಪ್ರಾಧಿಕಾರ, ಮೈಸೂರು - 570 005 ಇವರಿಗೆ ಸಲ್ಲಿಸಬಹುದು.
KEY PLAN
INDUSTRIAL SUBURB
land in Question
INDUSTRIAL SUBURB III STAGE
Land In Question
ಸಹಿ/- ನಗರ ಯೋಜಕ ಸದಸ್ಯರು, ನಗರಾಭಿವೃದ್ಧಿ ಪ್ರಾಧಿಕಾರ, ಮೈಸೂರು
ನಗರಾಭಿವೃದ್ಧಿ ಪ್ರಾಧಿಕಾರ, ಮೈಸೂರು
ಜ್ಞಾನಸುಳಿ, ಜೆ.ಎಲ್.ಬಿ. ರಸ್ತೆ, ಮೈಸೂರು-570 005.
ಸಂಖ್ಯೆ:ಮೈನಪ್ರಾ/ಟಿಸಿ/ಲೆಔಟ್/158:2018-19	ದಿನಾಂಕ: 21.05.2019
ಸಾರ್ವಜನಿಕ ಪ್ರಕಟಣೆ
ಮೈಸೂರು ತಾಲ್ಲೂಕು, ಜಯಪುರ ಹೋಬಳಿ, ಸರ್ವೆ ನಂ. 101/1ರಲ್ಲಿ 01 ಎಕರೆ 36.5 ಗುಂಟೆ ಜಮೀನನ್ನು ವಸತಿ ಉದ್ದೇಶಕ್ಕಾಗಿ ಭೂ ಉಪಯೋಗ ಬದಲಾವಣೆ ಮಾಡಲು ಕರ್ನಾಟಕ ನಗರ ಮತ್ತು ಗ್ರಾಮಾಂತರ ಯೋಜನಾ ಕಾಯ್ದೆ 1961ರ ಪ್ರಕರಣ 14(ಎ) ರಡಿ ಪ್ರಸ್ತಾವನೆ ಸಲ್ಲಿಸಲಾಗಿದೆ. ಆಕ್ಷೇಪಣೆಗಳಿದ್ದಲ್ಲಿ 15 ದಿನಗಳೊಳಗಾಗಿ ಸಲ್ಲಿಸಬಹುದು.
KEY PLAN
land in Question
Land in Question
ಸಹಿ/- ನಗರ ಯೋಜಕ ಸದಸ್ಯರು, ನಗರಾಭಿವೃದ್ಧಿ ಪ್ರಾಧಿಕಾರ, ಮೈಸೂರು
